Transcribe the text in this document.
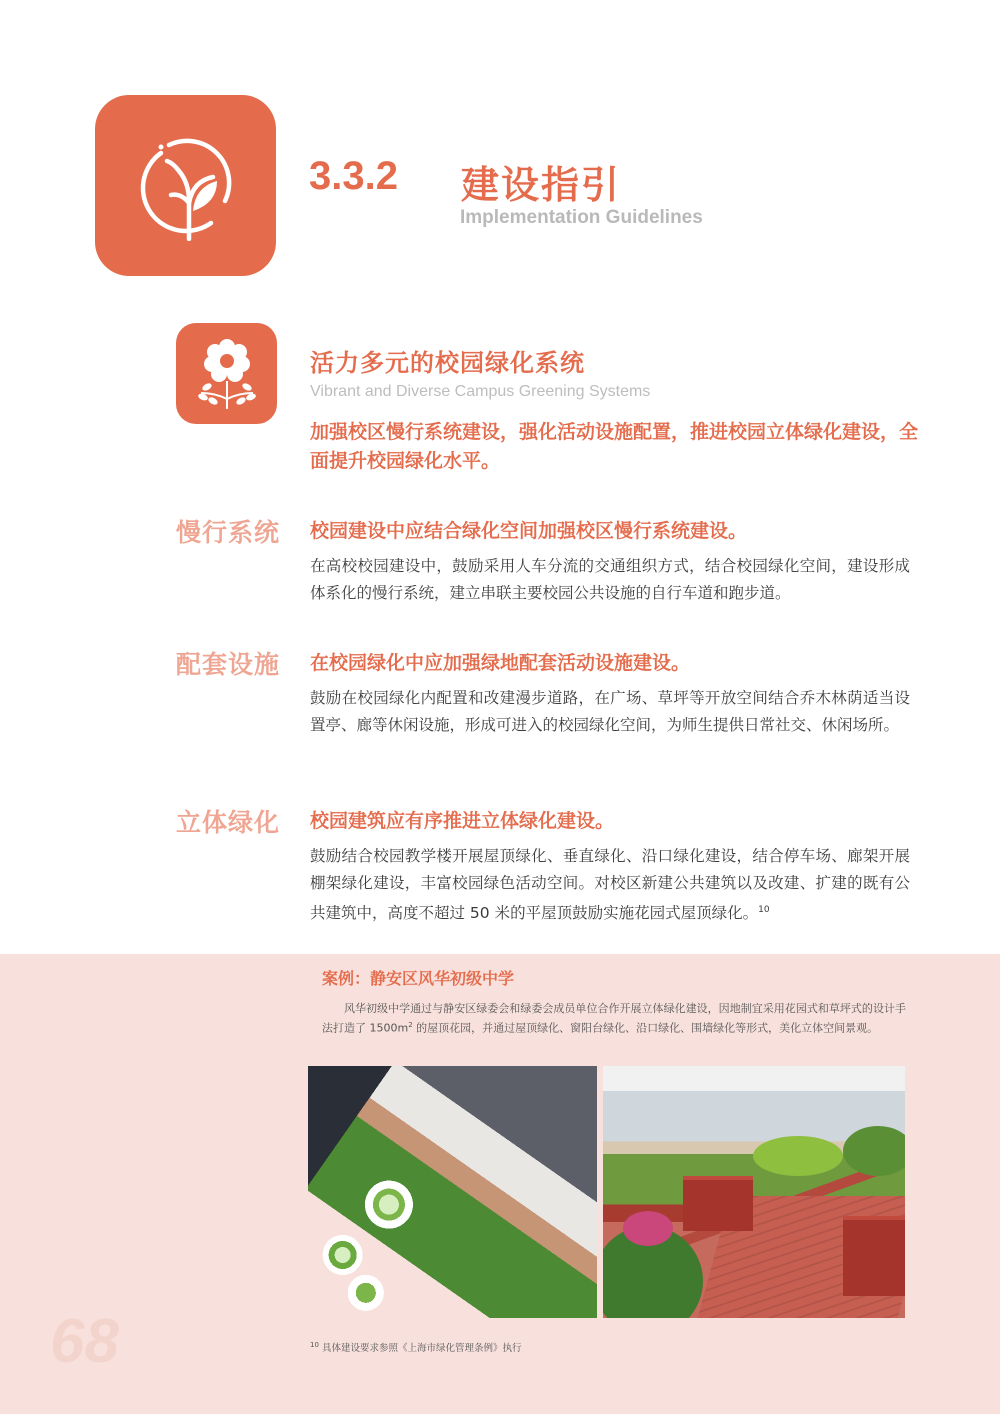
3.3.2 建设指引
Implementation Guidelines
活力多元的校园绿化系统
Vibrant and Diverse Campus Greening Systems
加强校区慢行系统建设，强化活动设施配置，推进校园立体绿化建设，全面提升校园绿化水平。
慢行系统 校园建设中应结合绿化空间加强校区慢行系统建设。
在高校校园建设中，鼓励采用人车分流的交通组织方式，结合校园绿化空间，建设形成体系化的慢行系统，建立串联主要校园公共设施的自行车道和跑步道。
配套设施 在校园绿化中应加强绿地配套活动设施建设。
鼓励在校园绿化内配置和改建漫步道路，在广场、草坪等开放空间结合乔木林荫适当设置亭、廊等休闲设施，形成可进入的校园绿化空间，为师生提供日常社交、休闲场所。
立体绿化 校园建筑应有序推进立体绿化建设。
鼓励结合校园教学楼开展屋顶绿化、垂直绿化、沿口绿化建设，结合停车场、廊架开展棚架绿化建设，丰富校园绿色活动空间。对校区新建公共建筑以及改建、扩建的既有公共建筑中，高度不超过 50 米的平屋顶鼓励实施花园式屋顶绿化。$^{10}$
案例：静安区风华初级中学
风华初级中学通过与静安区绿委会和绿委会成员单位合作开展立体绿化建设，因地制宜采用花园式和草坪式的设计手法打造了 $1500m^2$ 的屋顶花园，并通过屋顶绿化、窗阳台绿化、沿口绿化、围墙绿化等形式，美化立体空间景观。
68	$^{10}$ 具体建设要求参照《上海市绿化管理条例》执行
